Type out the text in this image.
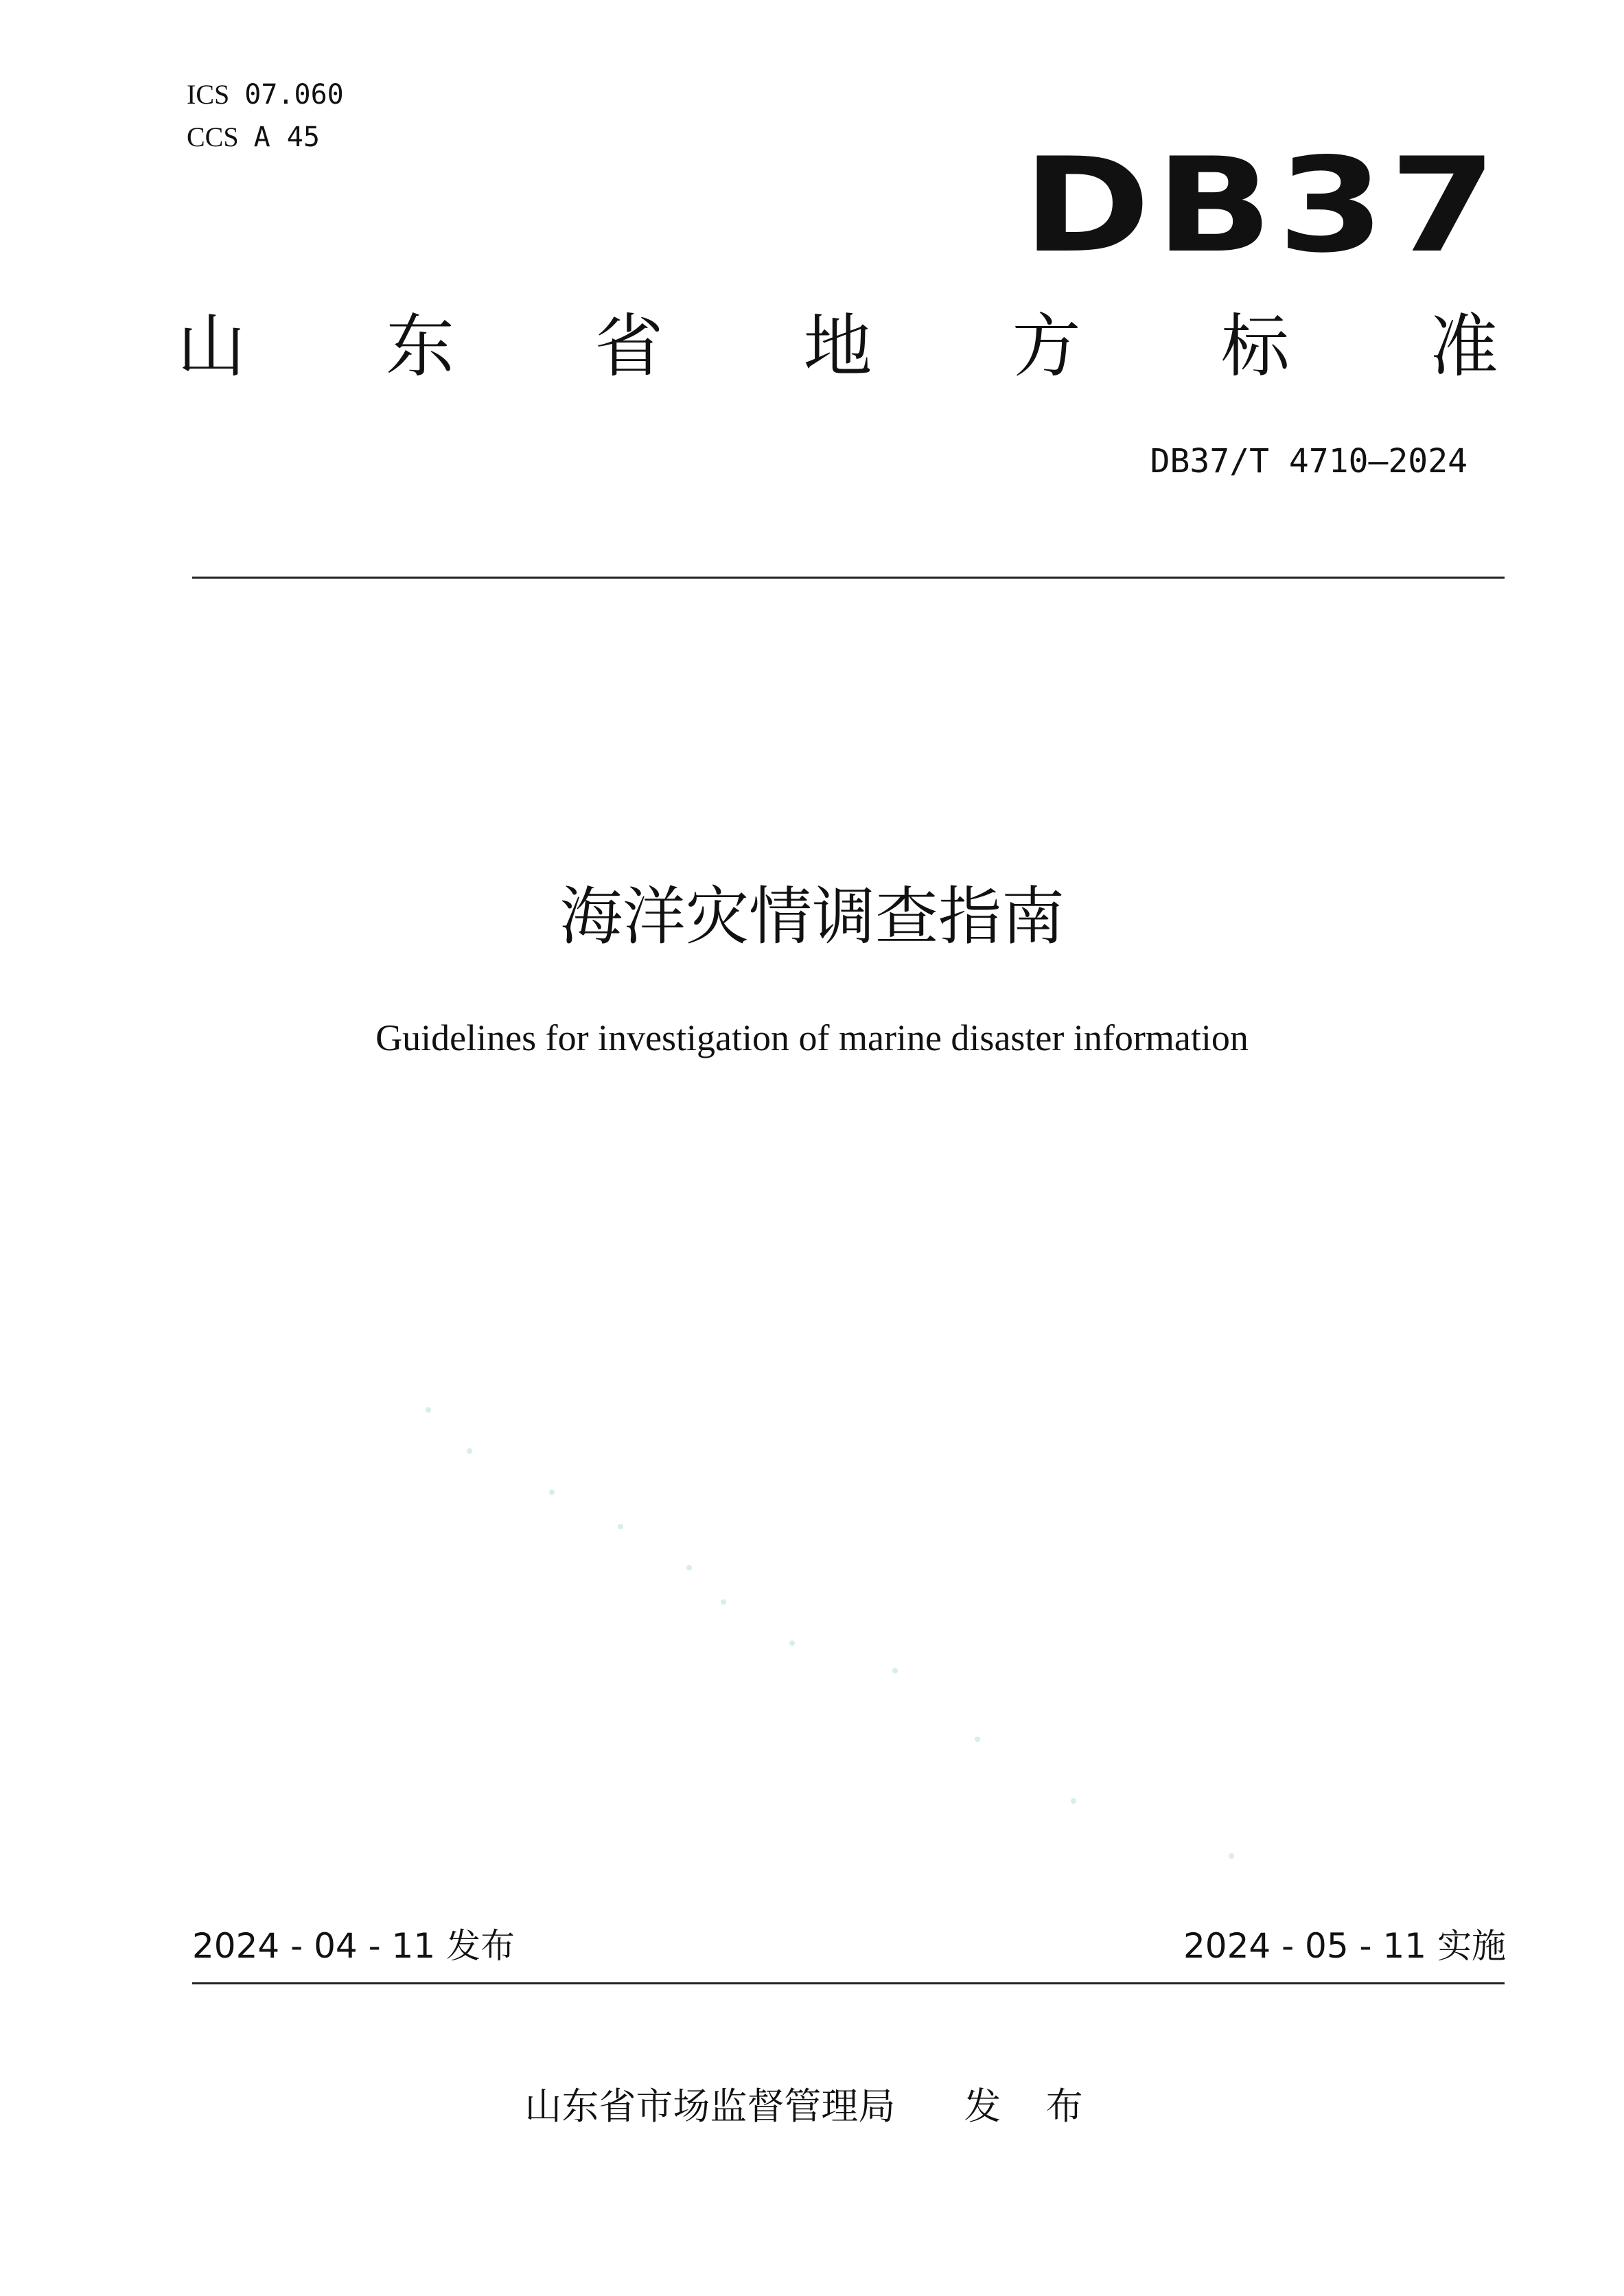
ICS 07.060
CCS A 45	DB37
山 东 省 地 方 标 准
DB37/T 4710—2024
海洋灾情调查指南
Guidelines for investigation of marine disaster information
2024 - 04 - 11 发布	2024 - 05 - 11 实施
山东省市场监督管理局 发 布
